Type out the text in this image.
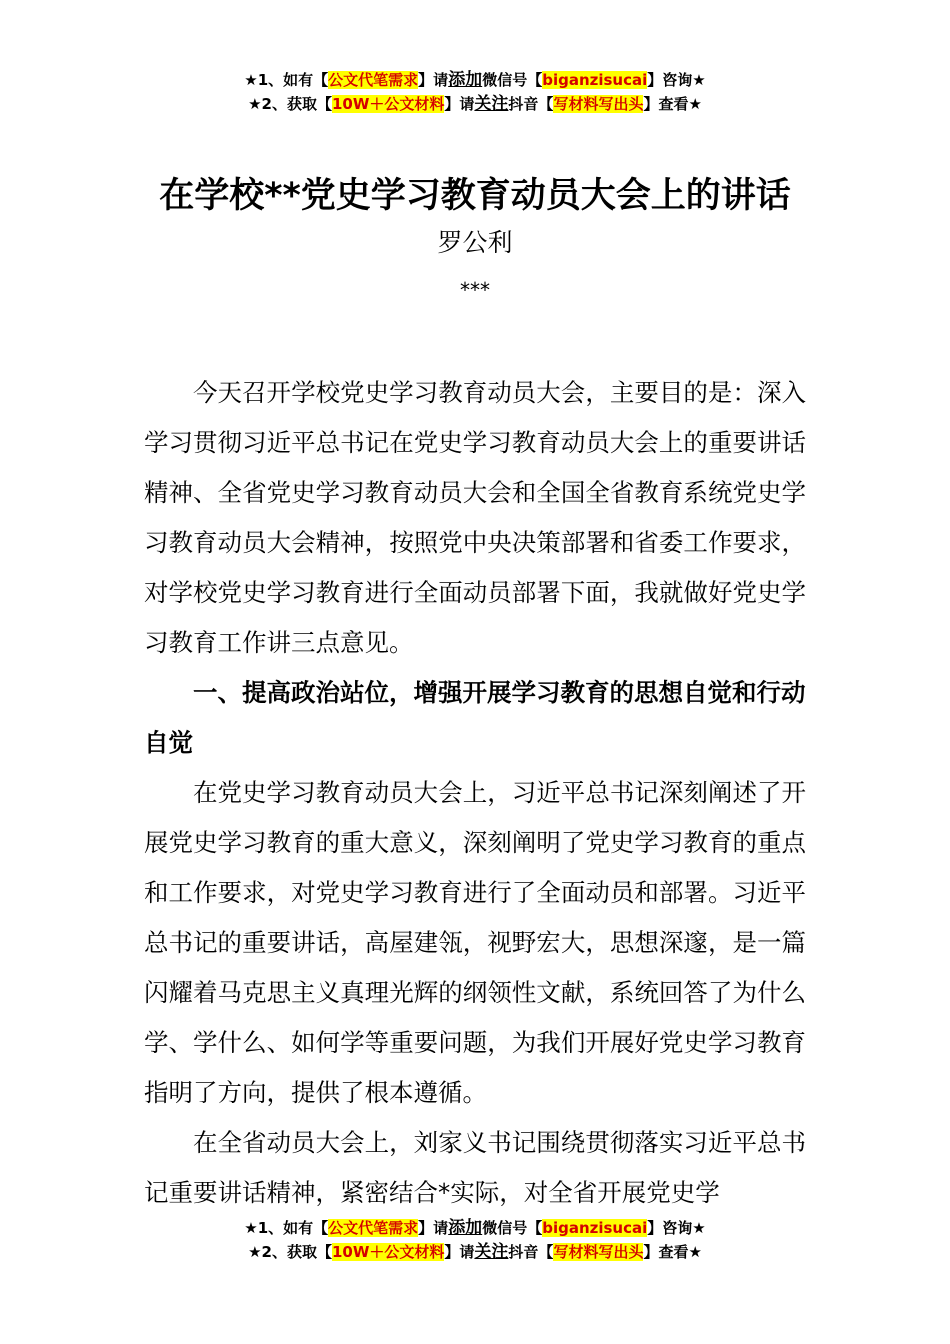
★1、如有【公文代笔需求】请添加微信号【biganzisucai】咨询★
★2、获取【10W＋公文材料】请关注抖音【写材料写出头】查看★
在学校**党史学习教育动员大会上的讲话
罗公利
***

今天召开学校党史学习教育动员大会，主要目的是：深入学习贯彻习近平总书记在党史学习教育动员大会上的重要讲话精神、全省党史学习教育动员大会和全国全省教育系统党史学习教育动员大会精神，按照党中央决策部署和省委工作要求，对学校党史学习教育进行全面动员部署下面，我就做好党史学习教育工作讲三点意见。

一、提高政治站位，增强开展学习教育的思想自觉和行动自觉

在党史学习教育动员大会上，习近平总书记深刻阐述了开展党史学习教育的重大意义，深刻阐明了党史学习教育的重点和工作要求，对党史学习教育进行了全面动员和部署。习近平总书记的重要讲话，高屋建瓴，视野宏大，思想深邃，是一篇闪耀着马克思主义真理光辉的纲领性文献，系统回答了为什么学、学什么、如何学等重要问题，为我们开展好党史学习教育指明了方向，提供了根本遵循。

在全省动员大会上，刘家义书记围绕贯彻落实习近平总书记重要讲话精神，紧密结合*实际，对全省开展党史学

★1、如有【公文代笔需求】请添加微信号【biganzisucai】咨询★
★2、获取【10W＋公文材料】请关注抖音【写材料写出头】查看★
